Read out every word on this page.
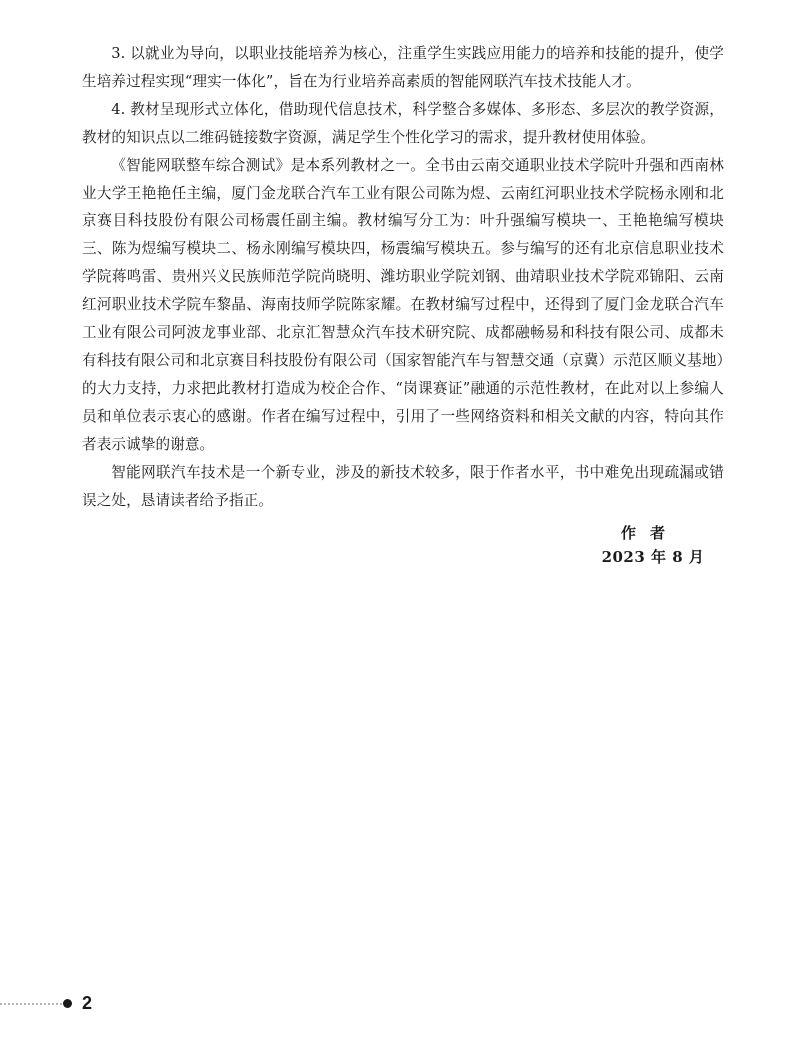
3. 以就业为导向，以职业技能培养为核心，注重学生实践应用能力的培养和技能的提升，使学生培养过程实现“理实一体化”，旨在为行业培养高素质的智能网联汽车技术技能人才。

4. 教材呈现形式立体化，借助现代信息技术，科学整合多媒体、多形态、多层次的教学资源，教材的知识点以二维码链接数字资源，满足学生个性化学习的需求，提升教材使用体验。

《智能网联整车综合测试》是本系列教材之一。全书由云南交通职业技术学院叶升强和西南林业大学王艳艳任主编，厦门金龙联合汽车工业有限公司陈为煜、云南红河职业技术学院杨永刚和北京赛目科技股份有限公司杨震任副主编。教材编写分工为：叶升强编写模块一、王艳艳编写模块三、陈为煜编写模块二、杨永刚编写模块四，杨震编写模块五。参与编写的还有北京信息职业技术学院蒋鸣雷、贵州兴义民族师范学院尚晓明、潍坊职业学院刘钢、曲靖职业技术学院邓锦阳、云南红河职业技术学院车黎晶、海南技师学院陈家耀。在教材编写过程中，还得到了厦门金龙联合汽车工业有限公司阿波龙事业部、北京汇智慧众汽车技术研究院、成都融畅易和科技有限公司、成都未有科技有限公司和北京赛目科技股份有限公司（国家智能汽车与智慧交通（京冀）示范区顺义基地）的大力支持，力求把此教材打造成为校企合作、“岗课赛证”融通的示范性教材，在此对以上参编人员和单位表示衷心的感谢。作者在编写过程中，引用了一些网络资料和相关文献的内容，特向其作者表示诚挚的谢意。

智能网联汽车技术是一个新专业，涉及的新技术较多，限于作者水平，书中难免出现疏漏或错误之处，恳请读者给予指正。

作者
2023 年 8 月
2
